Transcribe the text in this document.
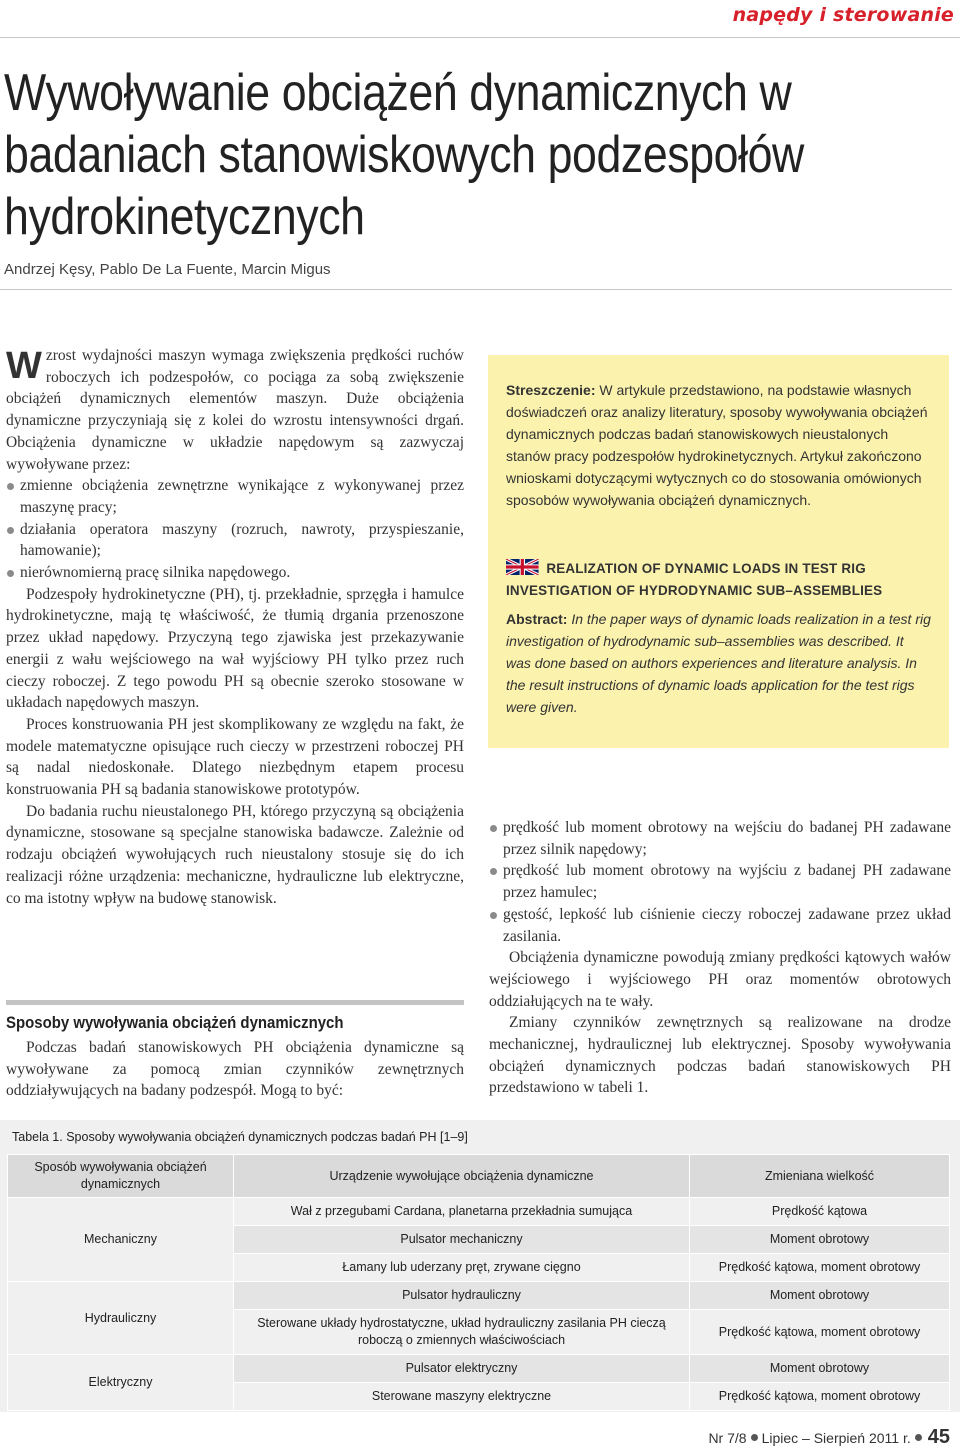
napędy i sterowanie
Wywoływanie obciążeń dynamicznych w badaniach stanowiskowych podzespołów hydrokinetycznych
Andrzej Kęsy, Pablo De La Fuente, Marcin Migus

Wzrost wydajności maszyn wymaga zwiększenia prędkości ruchów roboczych ich podzespołów, co pociąga za sobą zwiększenie obciążeń dynamicznych elementów maszyn. Duże obciążenia dynamiczne przyczyniają się z kolei do wzrostu intensywności drgań. Obciążenia dynamiczne w układzie napędowym są zazwyczaj wywoływane przez:

zmienne obciążenia zewnętrzne wynikające z wykonywanej przez maszynę pracy;
działania operatora maszyny (rozruch, nawroty, przyspieszanie, hamowanie);
nierównomierną pracę silnika napędowego.

Podzespoły hydrokinetyczne (PH), tj. przekładnie, sprzęgła i hamulce hydrokinetyczne, mają tę właściwość, że tłumią drgania przenoszone przez układ napędowy. Przyczyną tego zjawiska jest przekazywanie energii z wału wejściowego na wał wyjściowy PH tylko przez ruch cieczy roboczej. Z tego powodu PH są obecnie szeroko stosowane w układach napędowych maszyn.

Proces konstruowania PH jest skomplikowany ze względu na fakt, że modele matematyczne opisujące ruch cieczy w przestrzeni roboczej PH są nadal niedoskonałe. Dlatego niezbędnym etapem procesu konstruowania PH są badania stanowiskowe prototypów.

Do badania ruchu nieustalonego PH, którego przyczyną są obciążenia dynamiczne, stosowane są specjalne stanowiska badawcze. Zależnie od rodzaju obciążeń wywołujących ruch nieustalony stosuje się do ich realizacji różne urządzenia: mechaniczne, hydrauliczne lub elektryczne, co ma istotny wpływ na budowę stanowisk.

Sposoby wywoływania obciążeń dynamicznych
Podczas badań stanowiskowych PH obciążenia dynamiczne są wywoływane za pomocą zmian czynników zewnętrznych oddziaływujących na badany podzespół. Mogą to być:
Streszczenie: W artykule przedstawiono, na podstawie własnych doświadczeń oraz analizy literatury, sposoby wywoływania obciążeń dynamicznych podczas badań stanowiskowych nieustalonych stanów pracy podzespołów hydrokinetycznych. Artykuł zakończono wnioskami dotyczącymi wytycznych co do stosowania omówionych sposobów wywoływania obciążeń dynamicznych.
REALIZATION OF DYNAMIC LOADS IN TEST RIG
INVESTIGATION OF HYDRODYNAMIC SUB–ASSEMBLIES
Abstract: In the paper ways of dynamic loads realization in a test rig investigation of hydrodynamic sub–assemblies was described. It was done based on authors experiences and literature analysis. In the result instructions of dynamic loads application for the test rigs were given.
prędkość lub moment obrotowy na wejściu do badanej PH zadawane przez silnik napędowy;
prędkość lub moment obrotowy na wyjściu z badanej PH zadawane przez hamulec;
gęstość, lepkość lub ciśnienie cieczy roboczej zadawane przez układ zasilania.

Obciążenia dynamiczne powodują zmiany prędkości kątowych wałów wejściowego i wyjściowego PH oraz momentów obrotowych oddziałujących na te wały.

Zmiany czynników zewnętrznych są realizowane na drodze mechanicznej, hydraulicznej lub elektrycznej. Sposoby wywoływania obciążeń dynamicznych podczas badań stanowiskowych PH przedstawiono w tabeli 1.

Tabela 1. Sposoby wywoływania obciążeń dynamicznych podczas badań PH [1–9]
Sposób wywoływania obciążeń dynamicznych	Urządzenie wywołujące obciążenia dynamiczne	Zmieniana wielkość
Mechaniczny	Wał z przegubami Cardana, planetarna przekładnia sumująca	Prędkość kątowa
	Pulsator mechaniczny	Moment obrotowy
	Łamany lub uderzany pręt, zrywane cięgno	Prędkość kątowa, moment obrotowy
Hydrauliczny	Pulsator hydrauliczny	Moment obrotowy
	Sterowane układy hydrostatyczne, układ hydrauliczny zasilania PH cieczą roboczą o zmiennych właściwościach	Prędkość kątowa, moment obrotowy
Elektryczny	Pulsator elektryczny	Moment obrotowy
	Sterowane maszyny elektryczne	Prędkość kątowa, moment obrotowy
Nr 7/8 Lipiec – Sierpień 2011 r. 45
